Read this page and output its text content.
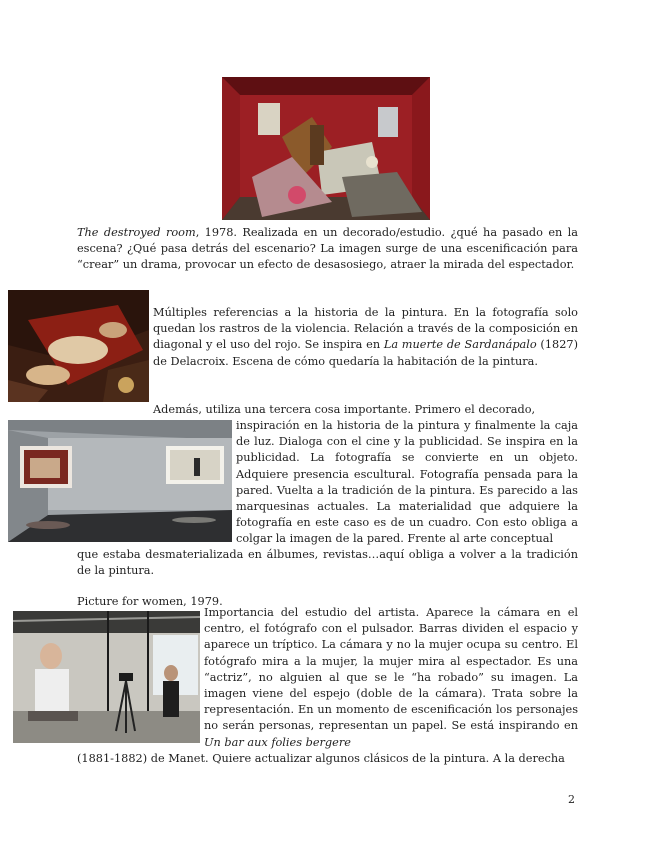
The destroyed room, 1978. Realizada en un decorado/estudio. ¿qué ha pasado en la escena? ¿Qué pasa detrás del escenario? La imagen surge de una escenificación para “crear” un drama, provocar un efecto de desasosiego, atraer la mirada del espectador.

Múltiples referencias a la historia de la pintura. En la fotografía solo quedan los rastros de la violencia. Relación a través de la composición en diagonal y el uso del rojo. Se inspira en La muerte de Sardanápalo (1827) de Delacroix. Escena de cómo quedaría la habitación de la pintura.

Además, utiliza una tercera cosa importante. Primero el decorado,

inspiración en la historia de la pintura y finalmente la caja de luz. Dialoga con el cine y la publicidad. Se inspira en la publicidad. La fotografía se convierte en un objeto. Adquiere presencia escultural. Fotografía pensada para la pared. Vuelta a la tradición de la pintura. Es parecido a las marquesinas actuales. La materialidad que adquiere la fotografía en este caso es de un cuadro. Con esto obliga a colgar la imagen de la pared. Frente al arte conceptual

que estaba desmaterializada en álbumes, revistas…aquí obliga a volver a la tradición de la pintura.

Picture for women, 1979.

Importancia del estudio del artista. Aparece la cámara en el centro, el fotógrafo con el pulsador. Barras dividen el espacio y aparece un tríptico. La cámara y no la mujer ocupa su centro. El fotógrafo mira a la mujer, la mujer mira al espectador. Es una “actriz”, no alguien al que se le “ha robado” su imagen. La imagen viene del espejo (doble de la cámara). Trata sobre la representación. En un momento de escenificación los personajes no serán personas, representan un papel. Se está inspirando en Un bar aux folies bergere

(1881-1882) de Manet. Quiere actualizar algunos clásicos de la pintura. A la derecha

2
